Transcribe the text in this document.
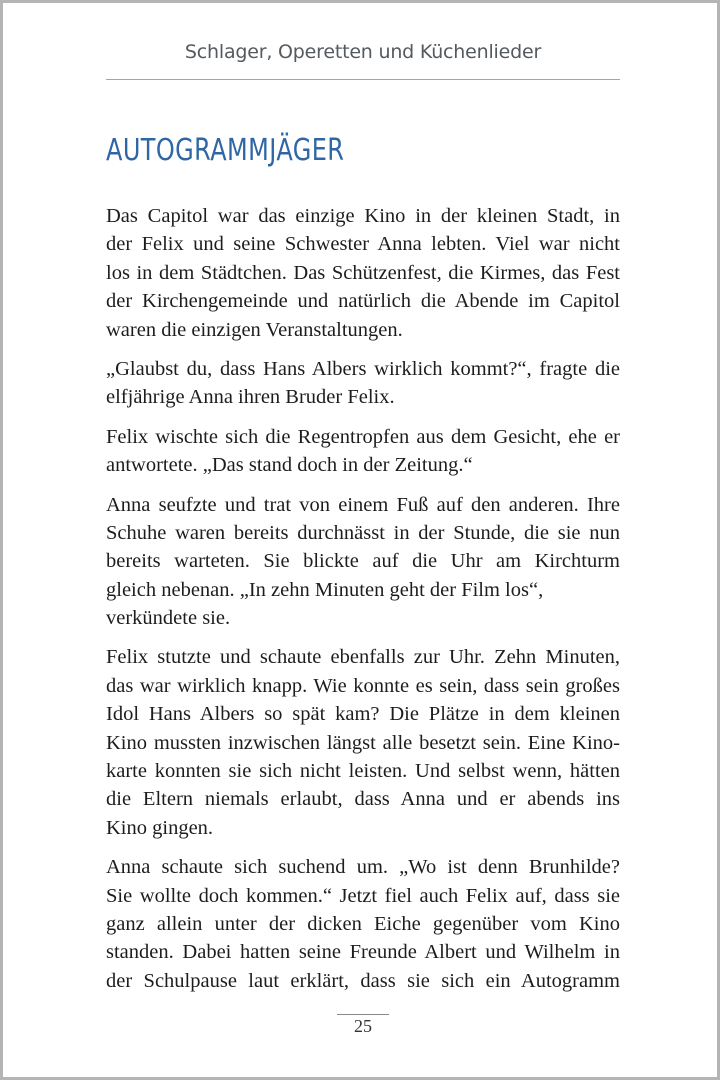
Schlager, Operetten und Küchenlieder
AUTOGRAMMJÄGER

Das Capitol war das einzige Kino in der kleinen Stadt, in
der Felix und seine Schwester Anna lebten. Viel war nicht
los in dem Städtchen. Das Schützenfest, die Kirmes, das Fest
der Kirchengemeinde und natürlich die Abende im Capitol
waren die einzigen Veranstaltungen.

„Glaubst du, dass Hans Albers wirklich kommt?“, fragte die
elfjährige Anna ihren Bruder Felix.

Felix wischte sich die Regentropfen aus dem Gesicht, ehe er
antwortete. „Das stand doch in der Zeitung.“

Anna seufzte und trat von einem Fuß auf den anderen. Ihre
Schuhe waren bereits durchnässt in der Stunde, die sie nun
bereits warteten. Sie blickte auf die Uhr am Kirchturm
gleich nebenan. „In zehn Minuten geht der Film los“,
verkündete sie.

Felix stutzte und schaute ebenfalls zur Uhr. Zehn Minuten,
das war wirklich knapp. Wie konnte es sein, dass sein großes
Idol Hans Albers so spät kam? Die Plätze in dem kleinen
Kino mussten inzwischen längst alle besetzt sein. Eine Kino-
karte konnten sie sich nicht leisten. Und selbst wenn, hätten
die Eltern niemals erlaubt, dass Anna und er abends ins
Kino gingen.

Anna schaute sich suchend um. „Wo ist denn Brunhilde?
Sie wollte doch kommen.“ Jetzt fiel auch Felix auf, dass sie
ganz allein unter der dicken Eiche gegenüber vom Kino
standen. Dabei hatten seine Freunde Albert und Wilhelm in
der Schulpause laut erklärt, dass sie sich ein Autogramm

25
